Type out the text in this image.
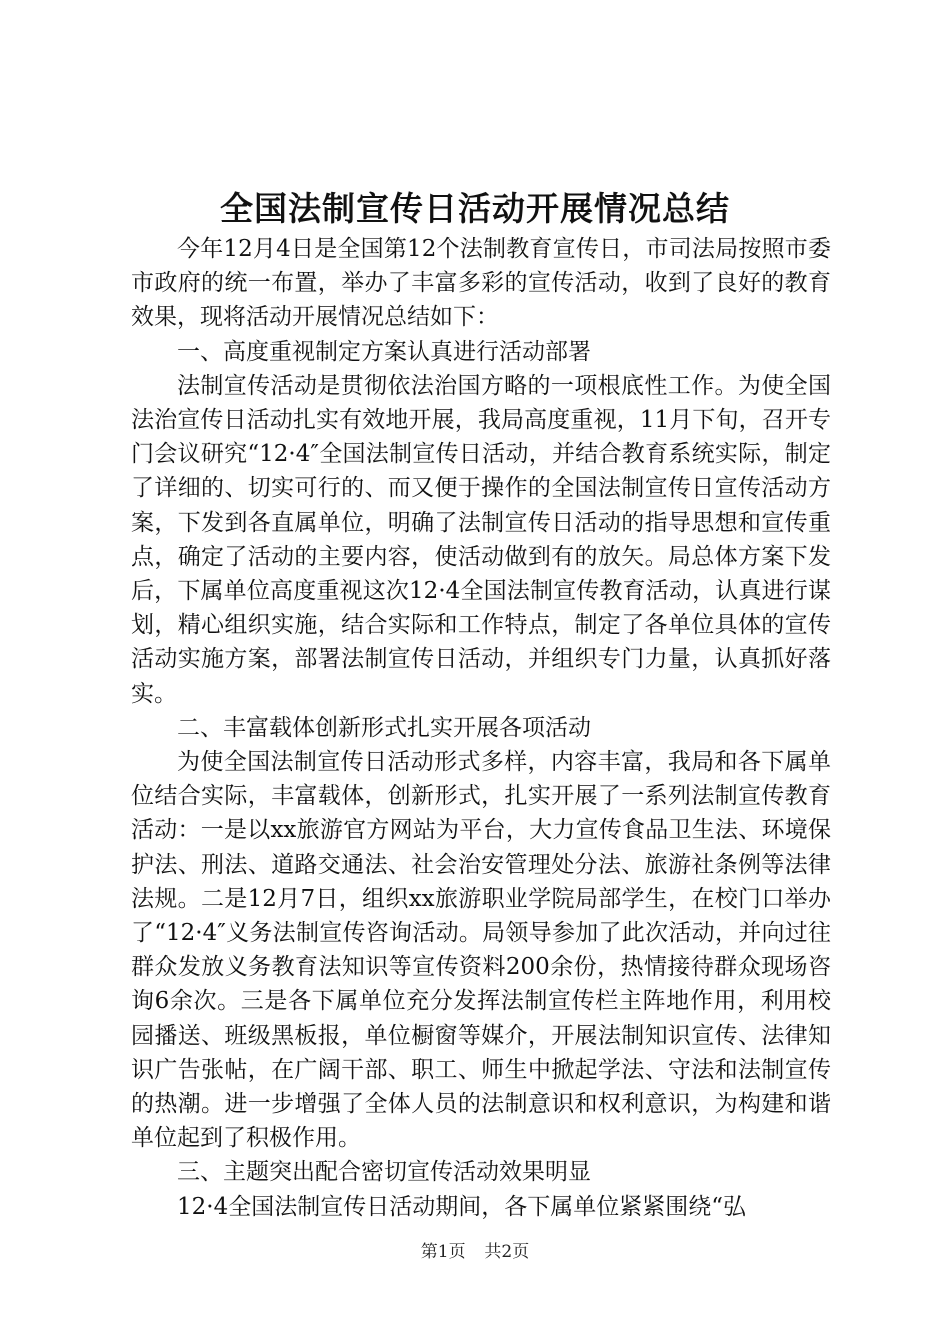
全国法制宣传日活动开展情况总结

今年12月4日是全国第12个法制教育宣传日，市司法局按照市委市政府的统一布置，举办了丰富多彩的宣传活动，收到了良好的教育效果，现将活动开展情况总结如下：

一、高度重视制定方案认真进行活动部署

法制宣传活动是贯彻依法治国方略的一项根底性工作。为使全国法治宣传日活动扎实有效地开展，我局高度重视，11月下旬，召开专门会议研究“12·4″全国法制宣传日活动，并结合教育系统实际，制定了详细的、切实可行的、而又便于操作的全国法制宣传日宣传活动方案，下发到各直属单位，明确了法制宣传日活动的指导思想和宣传重点，确定了活动的主要内容，使活动做到有的放矢。局总体方案下发后，下属单位高度重视这次12·4全国法制宣传教育活动，认真进行谋划，精心组织实施，结合实际和工作特点，制定了各单位具体的宣传活动实施方案，部署法制宣传日活动，并组织专门力量，认真抓好落实。

二、丰富载体创新形式扎实开展各项活动

为使全国法制宣传日活动形式多样，内容丰富，我局和各下属单位结合实际，丰富载体，创新形式，扎实开展了一系列法制宣传教育活动：一是以xx旅游官方网站为平台，大力宣传食品卫生法、环境保护法、刑法、道路交通法、社会治安管理处分法、旅游社条例等法律法规。二是12月7日，组织xx旅游职业学院局部学生，在校门口举办了“12·4″义务法制宣传咨询活动。局领导参加了此次活动，并向过往群众发放义务教育法知识等宣传资料200余份，热情接待群众现场咨询6余次。三是各下属单位充分发挥法制宣传栏主阵地作用，利用校园播送、班级黑板报，单位橱窗等媒介，开展法制知识宣传、法律知识广告张帖，在广阔干部、职工、师生中掀起学法、守法和法制宣传的热潮。进一步增强了全体人员的法制意识和权利意识，为构建和谐单位起到了积极作用。

三、主题突出配合密切宣传活动效果明显

12·4全国法制宣传日活动期间，各下属单位紧紧围绕“弘

第1页 共2页
